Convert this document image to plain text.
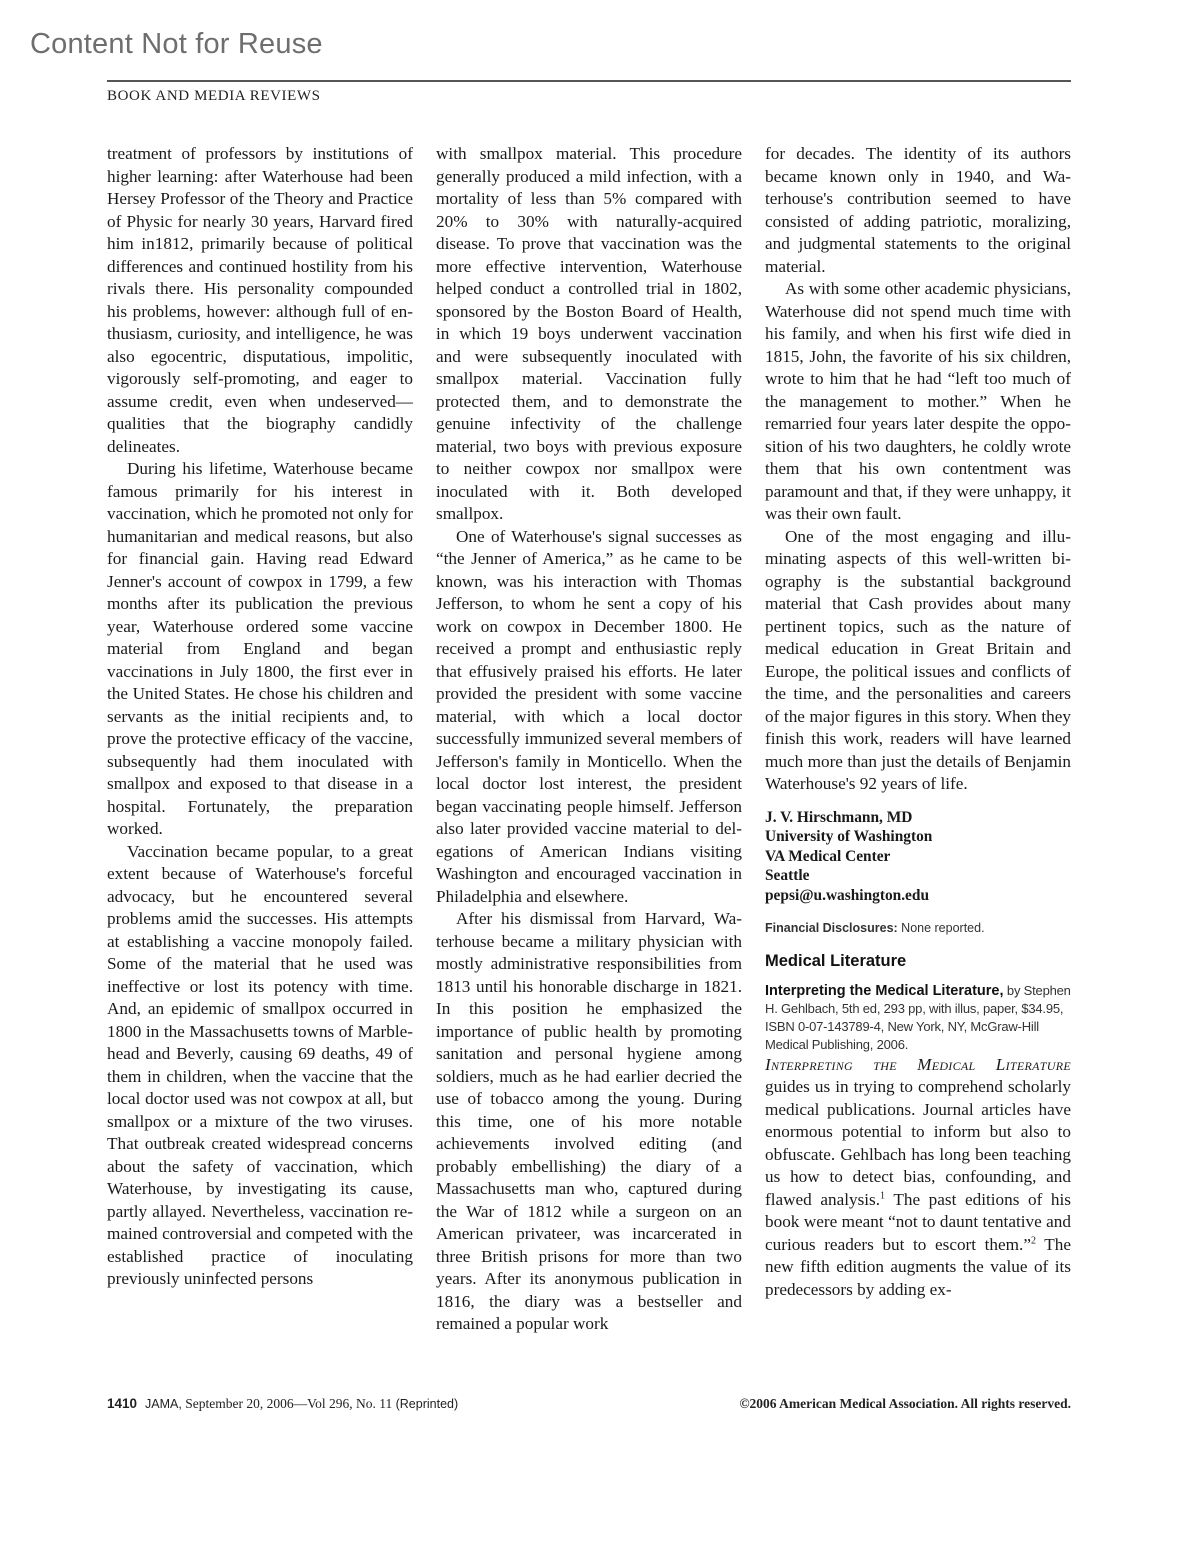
Content Not for Reuse
BOOK AND MEDIA REVIEWS

treatment of professors by institutions of higher learning: after Waterhouse had been Hersey Professor of the Theory and Practice of Physic for nearly 30 years, Harvard fired him in1812, primarily because of political differences and continued hostility from his rivals there. His personality compounded his problems, however: although full of enthusiasm, curiosity, and intelligence, he was also egocentric, disputatious, impolitic, vigorously self-promoting, and eager to assume credit, even when undeserved—qualities that the biography candidly delineates.

During his lifetime, Waterhouse became famous primarily for his interest in vaccination, which he promoted not only for humanitarian and medical reasons, but also for financial gain. Having read Edward Jenner's account of cowpox in 1799, a few months after its publication the previous year, Waterhouse ordered some vaccine material from England and began vaccinations in July 1800, the first ever in the United States. He chose his children and servants as the initial recipients and, to prove the protective efficacy of the vaccine, subsequently had them inoculated with smallpox and exposed to that disease in a hospital. Fortunately, the preparation worked.

Vaccination became popular, to a great extent because of Waterhouse's forceful advocacy, but he encountered several problems amid the successes. His attempts at establishing a vaccine monopoly failed. Some of the material that he used was ineffective or lost its potency with time. And, an epidemic of smallpox occurred in 1800 in the Massachusetts towns of Marblehead and Beverly, causing 69 deaths, 49 of them in children, when the vaccine that the local doctor used was not cowpox at all, but smallpox or a mixture of the two viruses. That outbreak created widespread concerns about the safety of vaccination, which Waterhouse, by investigating its cause, partly allayed. Nevertheless, vaccination remained controversial and competed with the established practice of inoculating previously uninfected persons

with smallpox material. This procedure generally produced a mild infection, with a mortality of less than 5% compared with 20% to 30% with naturally-acquired disease. To prove that vaccination was the more effective intervention, Waterhouse helped conduct a controlled trial in 1802, sponsored by the Boston Board of Health, in which 19 boys underwent vaccination and were subsequently inoculated with smallpox material. Vaccination fully protected them, and to demonstrate the genuine infectivity of the challenge material, two boys with previous exposure to neither cowpox nor smallpox were inoculated with it. Both developed smallpox.

One of Waterhouse's signal successes as “the Jenner of America,” as he came to be known, was his interaction with Thomas Jefferson, to whom he sent a copy of his work on cowpox in December 1800. He received a prompt and enthusiastic reply that effusively praised his efforts. He later provided the president with some vaccine material, with which a local doctor successfully immunized several members of Jefferson's family in Monticello. When the local doctor lost interest, the president began vaccinating people himself. Jefferson also later provided vaccine material to delegations of American Indians visiting Washington and encouraged vaccination in Philadelphia and elsewhere.

After his dismissal from Harvard, Waterhouse became a military physician with mostly administrative responsibilities from 1813 until his honorable discharge in 1821. In this position he emphasized the importance of public health by promoting sanitation and personal hygiene among soldiers, much as he had earlier decried the use of tobacco among the young. During this time, one of his more notable achievements involved editing (and probably embellishing) the diary of a Massachusetts man who, captured during the War of 1812 while a surgeon on an American privateer, was incarcerated in three British prisons for more than two years. After its anonymous publication in 1816, the diary was a bestseller and remained a popular work

for decades. The identity of its authors became known only in 1940, and Waterhouse's contribution seemed to have consisted of adding patriotic, moralizing, and judgmental statements to the original material.

As with some other academic physicians, Waterhouse did not spend much time with his family, and when his first wife died in 1815, John, the favorite of his six children, wrote to him that he had “left too much of the management to mother.” When he remarried four years later despite the opposition of his two daughters, he coldly wrote them that his own contentment was paramount and that, if they were unhappy, it was their own fault.

One of the most engaging and illuminating aspects of this well-written biography is the substantial background material that Cash provides about many pertinent topics, such as the nature of medical education in Great Britain and Europe, the political issues and conflicts of the time, and the personalities and careers of the major figures in this story. When they finish this work, readers will have learned much more than just the details of Benjamin Waterhouse's 92 years of life.

J. V. Hirschmann, MD
University of Washington
VA Medical Center
Seattle
pepsi@u.washington.edu
Financial Disclosures: None reported.
Medical Literature
Interpreting the Medical Literature, by Stephen H. Gehlbach, 5th ed, 293 pp, with illus, paper, $34.95, ISBN 0-07-143789-4, New York, NY, McGraw-Hill Medical Publishing, 2006.

Interpreting the Medical Literature guides us in trying to comprehend scholarly medical publications. Journal articles have enormous potential to inform but also to obfuscate. Gehlbach has long been teaching us how to detect bias, confounding, and flawed analysis.$^1$ The past editions of his book were meant “not to daunt tentative and curious readers but to escort them.”$^2$ The new fifth edition augments the value of its predecessors by adding ex-

1410 JAMA, September 20, 2006—Vol 296, No. 11 (Reprinted)	©2006 American Medical Association. All rights reserved.
